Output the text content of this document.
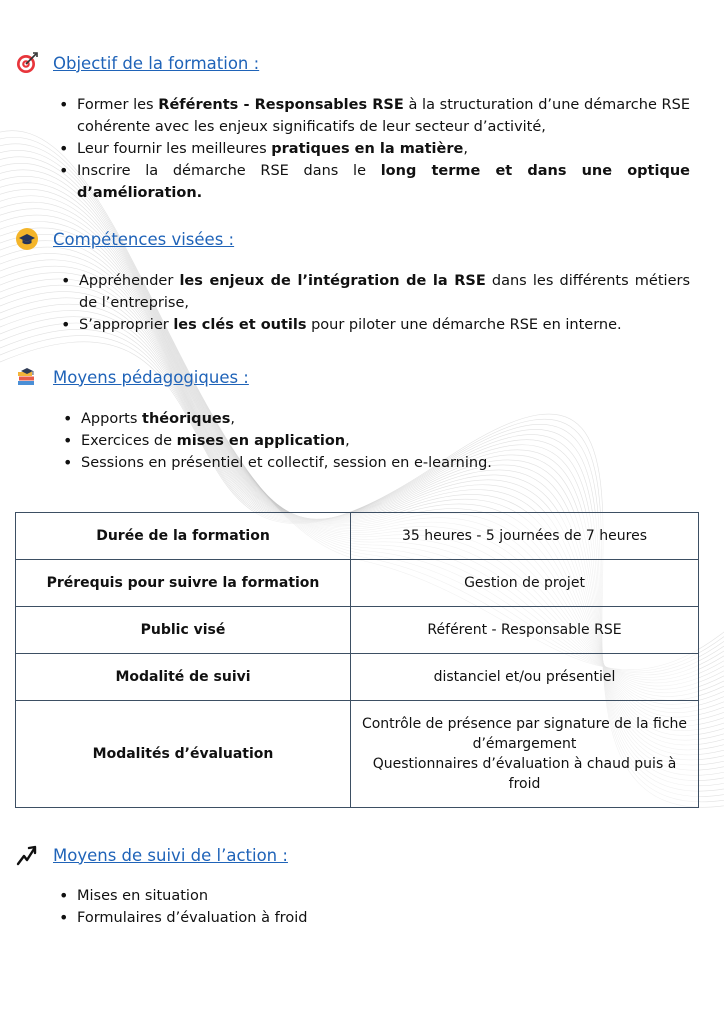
Objectif de la formation :
• Former les Référents - Responsables RSE à la structuration d’une démarche RSE cohérente avec les enjeux significatifs de leur secteur d’activité,
• Leur fournir les meilleures pratiques en la matière,
• Inscrire la démarche RSE dans le long terme et dans une optique d’amélioration.
Compétences visées :
• Appréhender les enjeux de l’intégration de la RSE dans les différents métiers de l’entreprise,
• S’approprier les clés et outils pour piloter une démarche RSE en interne.
Moyens pédagogiques :
• Apports théoriques,
• Exercices de mises en application,
• Sessions en présentiel et collectif, session en e-learning.
Durée de la formation	35 heures - 5 journées de 7 heures
Prérequis pour suivre la formation	Gestion de projet
Public visé	Référent - Responsable RSE
Modalité de suivi	distanciel et/ou présentiel
Modalités d’évaluation	Contrôle de présence par signature de la fiche d’émargement
Questionnaires d’évaluation à chaud puis à froid
Moyens de suivi de l’action :
• Mises en situation
• Formulaires d’évaluation à froid
